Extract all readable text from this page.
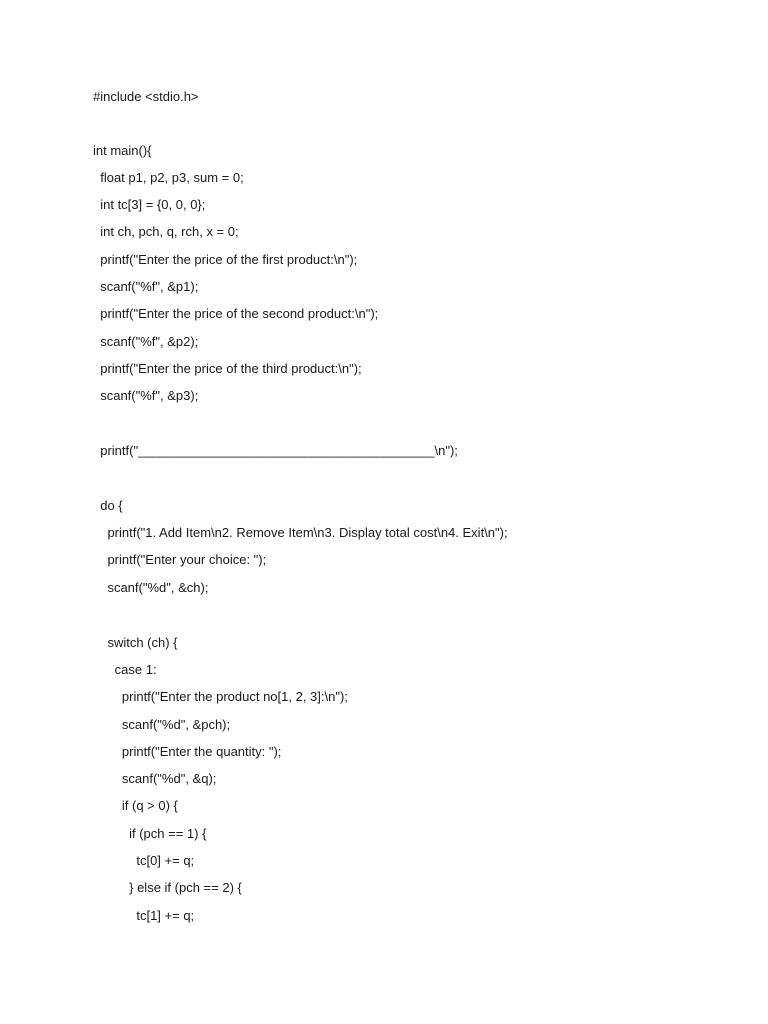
#include <stdio.h>
int main(){
float p1, p2, p3, sum = 0;
int tc[3] = {0, 0, 0};
int ch, pch, q, rch, x = 0;
printf("Enter the price of the first product:\n");
scanf("%f", &p1);
printf("Enter the price of the second product:\n");
scanf("%f", &p2);
printf("Enter the price of the third product:\n");
scanf("%f", &p3);
printf("_________________________________________\n");
do {
printf("1. Add Item\n2. Remove Item\n3. Display total cost\n4. Exit\n");
printf("Enter your choice: ");
scanf("%d", &ch);
switch (ch) {
case 1:
printf("Enter the product no[1, 2, 3]:\n");
scanf("%d", &pch);
printf("Enter the quantity: ");
scanf("%d", &q);
if (q > 0) {
if (pch == 1) {
tc[0] += q;
} else if (pch == 2) {
tc[1] += q;
